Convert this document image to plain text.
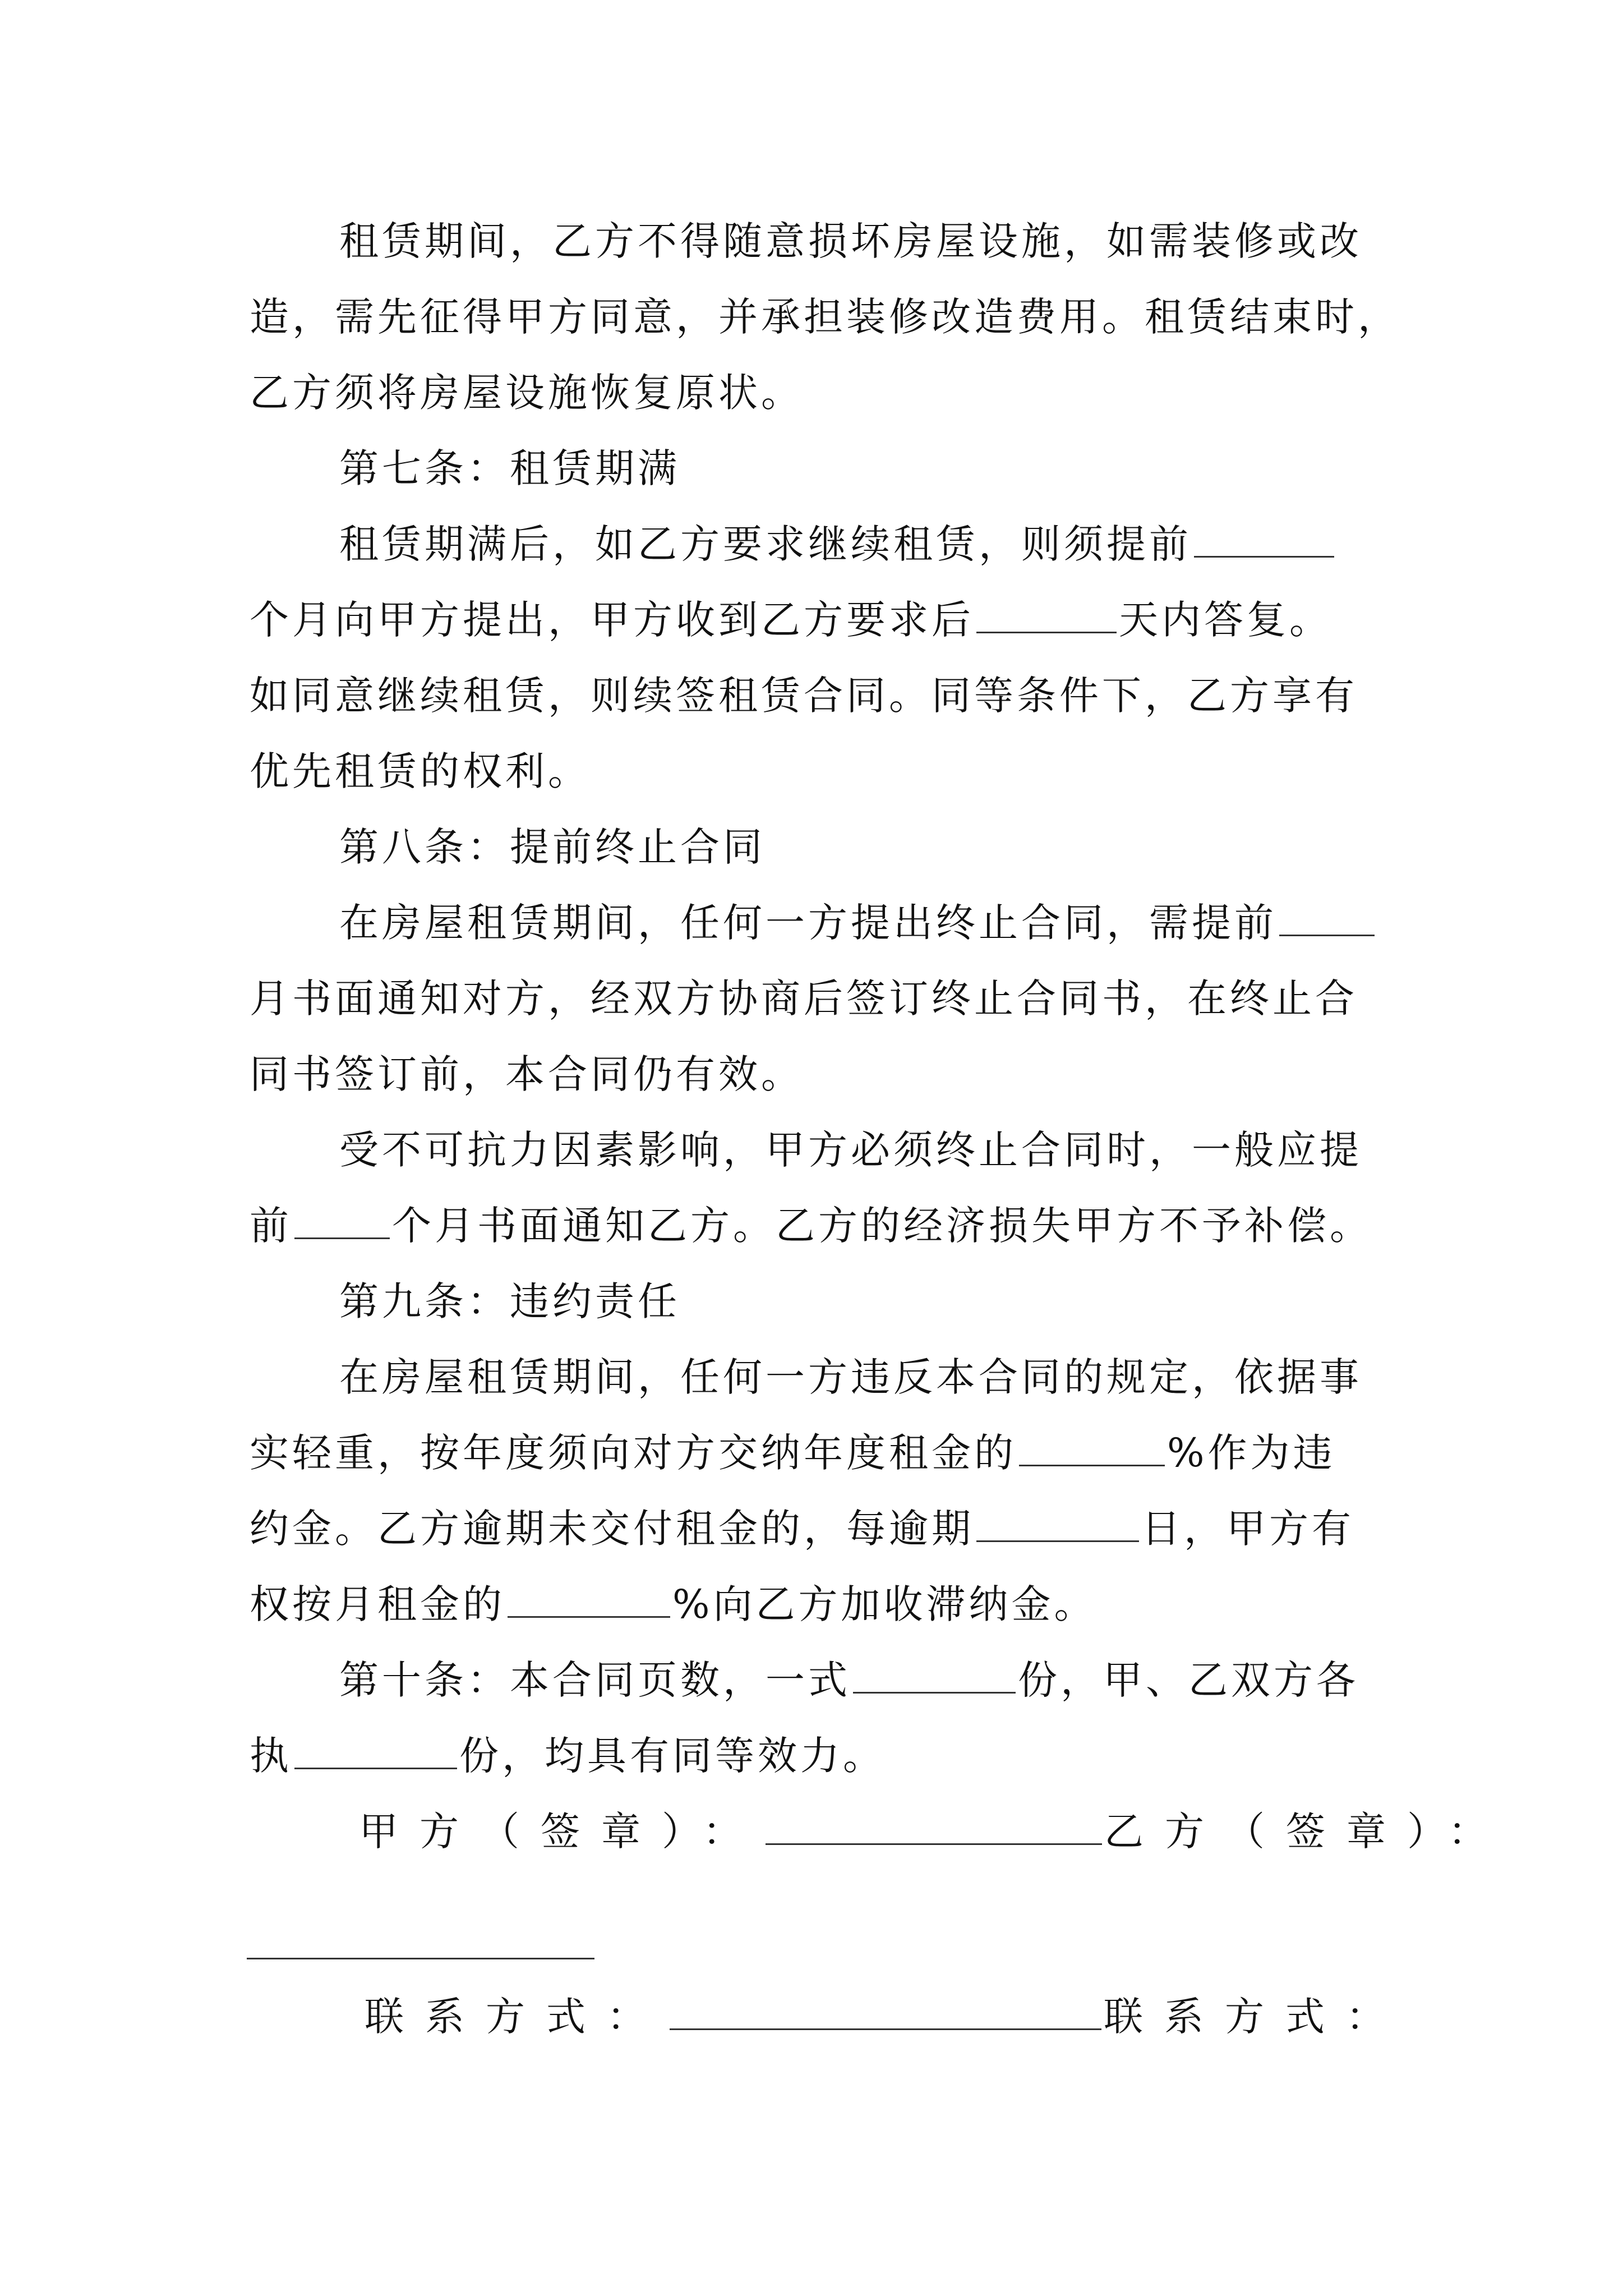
租赁期间，乙方不得随意损坏房屋设施，如需装修或改
造，需先征得甲方同意，并承担装修改造费用。租赁结束时，
乙方须将房屋设施恢复原状。
第七条：租赁期满
租赁期满后，如乙方要求继续租赁，则须提前
个月向甲方提出，甲方收到乙方要求后	天内答复。
如同意继续租赁，则续签租赁合同。同等条件下，乙方享有
优先租赁的权利。
第八条：提前终止合同
在房屋租赁期间，任何一方提出终止合同，需提前
月书面通知对方，经双方协商后签订终止合同书，在终止合
同书签订前，本合同仍有效。
受不可抗力因素影响，甲方必须终止合同时，一般应提
前	个月书面通知乙方。乙方的经济损失甲方不予补偿。
第九条：违约责任
在房屋租赁期间，任何一方违反本合同的规定，依据事
实轻重，按年度须向对方交纳年度租金的	%作为违
约金。乙方逾期未交付租金的，每逾期	日，甲方有
权按月租金的	%向乙方加收滞纳金。
第十条：本合同页数，一式	份，甲、乙双方各
执	份，均具有同等效力。
甲方（签章）：	乙方（签章）：
联系方式：	联系方式：
